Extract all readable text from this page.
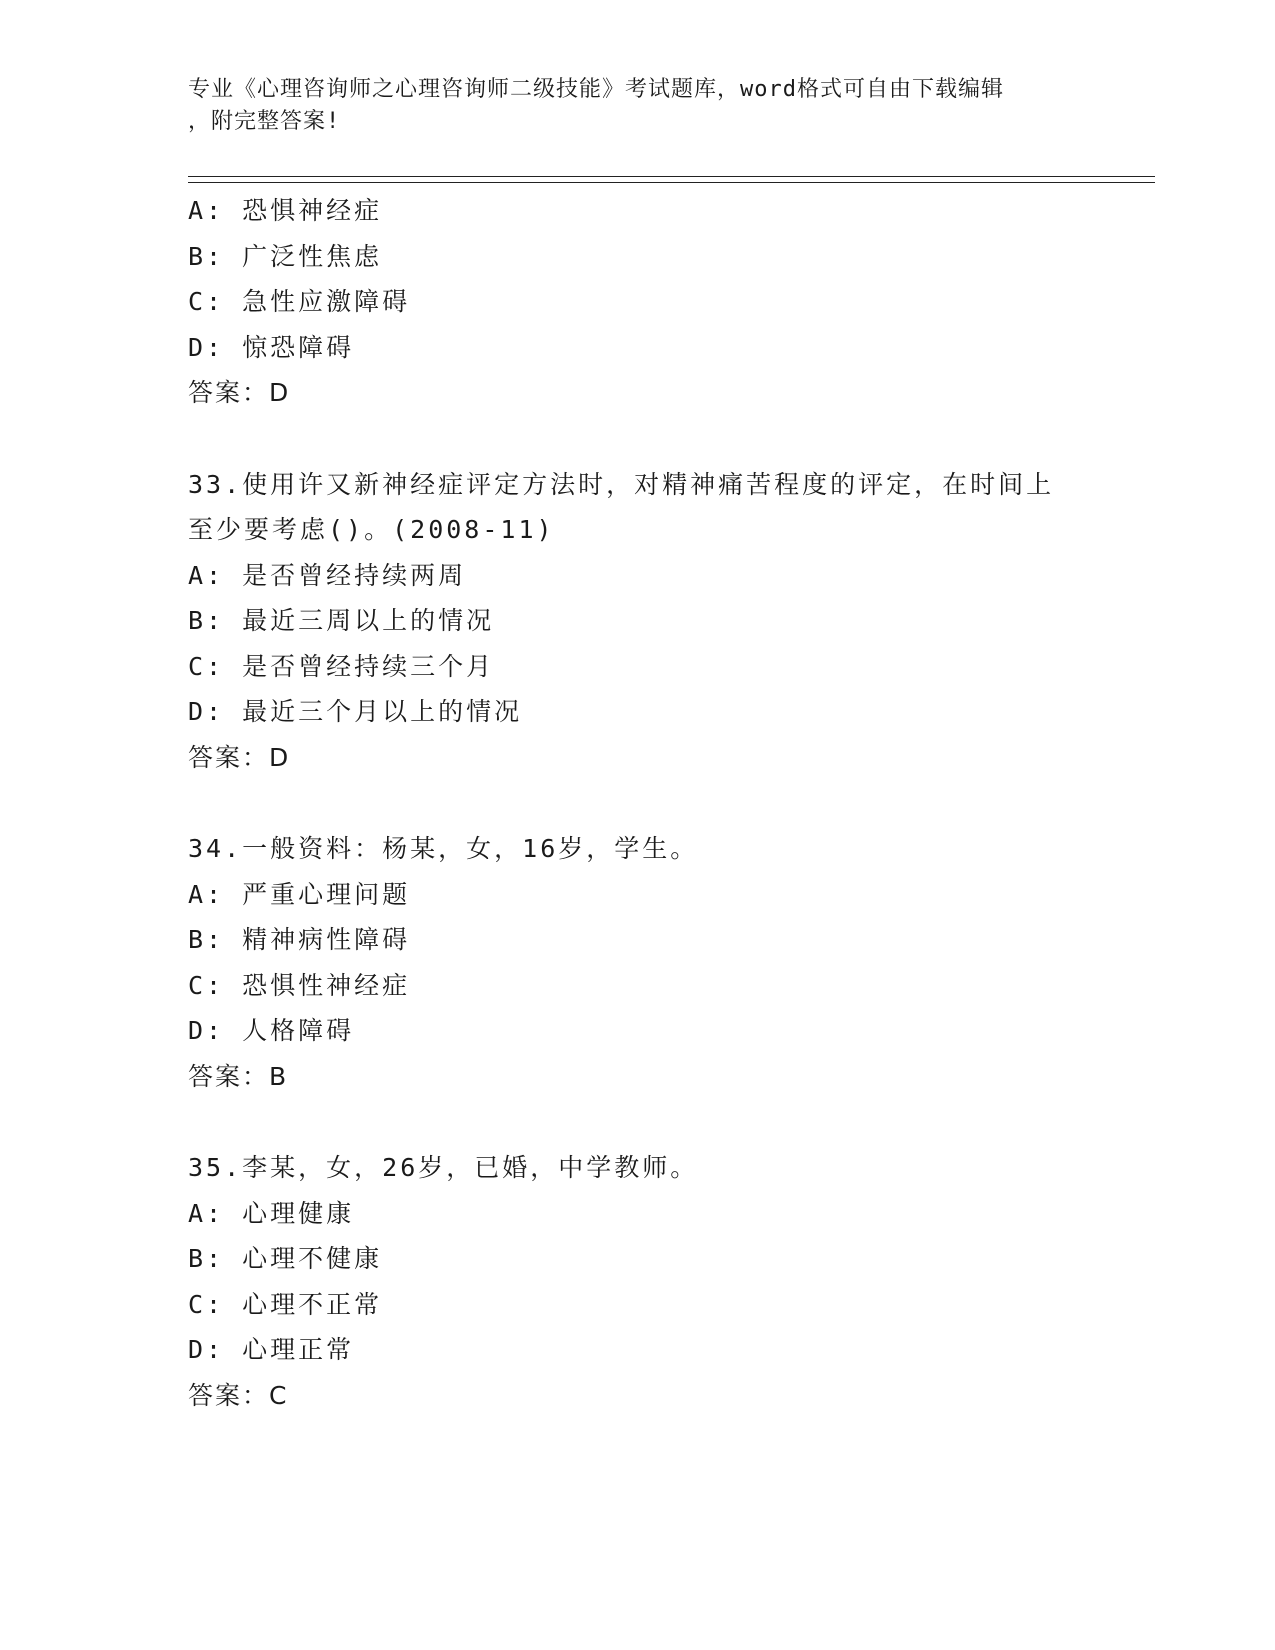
专业《心理咨询师之心理咨询师二级技能》考试题库，word格式可自由下载编辑
，附完整答案!
A: 恐惧神经症
B: 广泛性焦虑
C: 急性应激障碍
D: 惊恐障碍
答案：D
33.使用许又新神经症评定方法时，对精神痛苦程度的评定，在时间上
至少要考虑()。(2008-11)
A: 是否曾经持续两周
B: 最近三周以上的情况
C: 是否曾经持续三个月
D: 最近三个月以上的情况
答案：D
34.一般资料：杨某，女，16岁，学生。
A: 严重心理问题
B: 精神病性障碍
C: 恐惧性神经症
D: 人格障碍
答案：B
35.李某，女，26岁，已婚，中学教师。
A: 心理健康
B: 心理不健康
C: 心理不正常
D: 心理正常
答案：C
